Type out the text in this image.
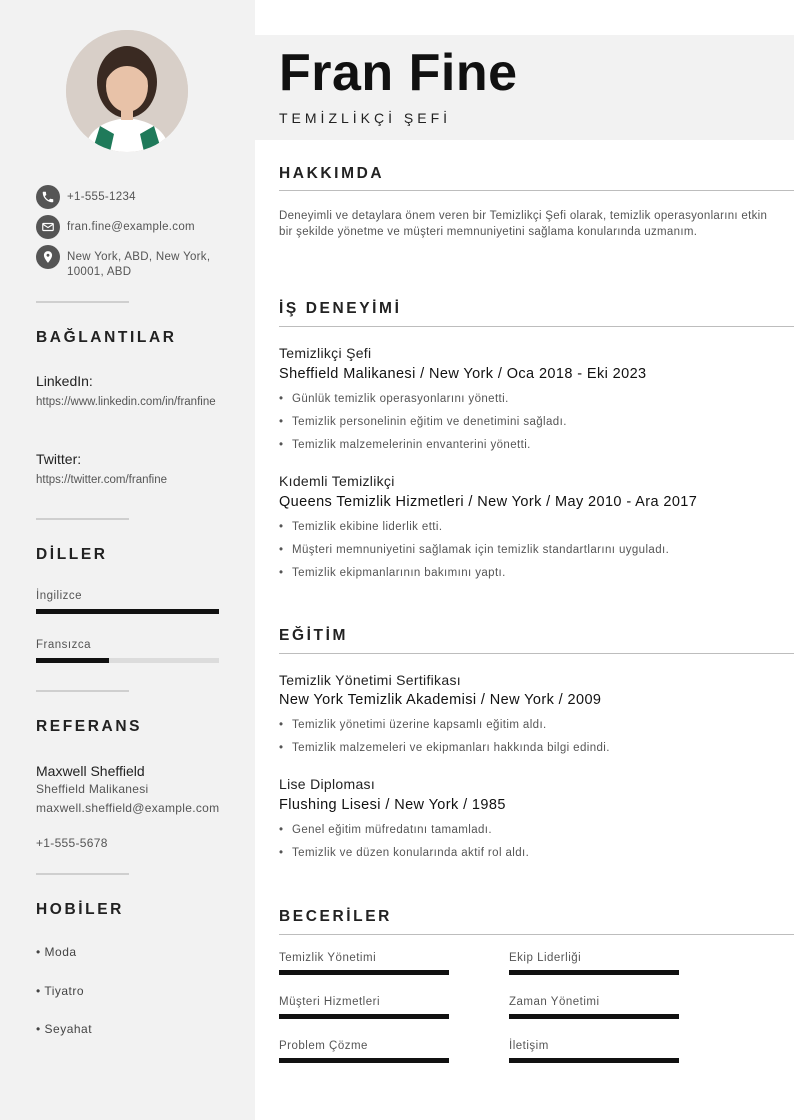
+1-555-1234
fran.fine@example.com
New York, ABD, New York, 10001, ABD
BAĞLANTILAR
LinkedIn:
https://www.linkedin.com/in/franfine
Twitter:
https://twitter.com/franfine
DİLLER
İngilizce
Fransızca
REFERANS
Maxwell Sheffield
Sheffield Malikanesi
maxwell.sheffield@example.com
+1-555-5678
HOBİLER
• Moda
• Tiyatro
• Seyahat
Fran Fine
TEMİZLİKÇİ ŞEFİ
HAKKIMDA
Deneyimli ve detaylara önem veren bir Temizlikçi Şefi olarak, temizlik operasyonlarını etkin bir şekilde yönetme ve müşteri memnuniyetini sağlama konularında uzmanım.
İŞ DENEYİMİ
Temizlikçi Şefi
Sheffield Malikanesi / New York / Oca 2018 - Eki 2023
• Günlük temizlik operasyonlarını yönetti.
• Temizlik personelinin eğitim ve denetimini sağladı.
• Temizlik malzemelerinin envanterini yönetti.
Kıdemli Temizlikçi
Queens Temizlik Hizmetleri / New York / May 2010 - Ara 2017
• Temizlik ekibine liderlik etti.
• Müşteri memnuniyetini sağlamak için temizlik standartlarını uyguladı.
• Temizlik ekipmanlarının bakımını yaptı.
EĞİTİM
Temizlik Yönetimi Sertifikası
New York Temizlik Akademisi / New York / 2009
• Temizlik yönetimi üzerine kapsamlı eğitim aldı.
• Temizlik malzemeleri ve ekipmanları hakkında bilgi edindi.
Lise Diploması
Flushing Lisesi / New York / 1985
• Genel eğitim müfredatını tamamladı.
• Temizlik ve düzen konularında aktif rol aldı.
BECERİLER
Temizlik Yönetimi	Ekip Liderliği
Müşteri Hizmetleri	Zaman Yönetimi
Problem Çözme	İletişim
